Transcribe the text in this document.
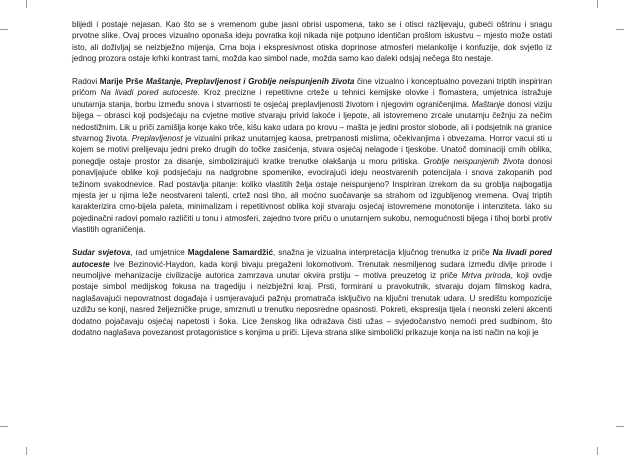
blijedi i postaje nejasan. Kao što se s vremenom gube jasni obrisi uspomena, tako se i otisci razlijevaju, gubeći oštrinu i snagu prvotne slike. Ovaj proces vizualno oponaša ideju povratka koji nikada nije potpuno identičan prošlom iskustvu – mjesto može ostati isto, ali doživljaj se neizbježno mijenja. Crna boja i ekspresivnost otiska doprinose atmosferi melankolije i konfuzije, dok svjetlo iz jednog prozora ostaje krhki kontrast tami, možda kao simbol nade, možda samo kao daleki odsjaj nečega što nestaje.

Radovi Marije Prše Maštanje, Preplavljenost i Groblje neispunjenih života čine vizualno i konceptualno povezani triptih inspiriran pričom Na livadi pored autoceste. Kroz precizne i repetitivne crteže u tehnici kemijske olovke i flomastera, umjetnica istražuje unutarnja stanja, borbu između snova i stvarnosti te osjećaj preplavljenosti životom i njegovim ograničenjima. Maštanje donosi viziju bijega – obrasci koji podsjećaju na cvjetne motive stvaraju privid lakoće i ljepote, ali istovremeno zrcale unutarnju čežnju za nečim nedostižnim. Lik u priči zamišlja konje kako trče, kišu kako udara po krovu – mašta je jedini prostor slobode, ali i podsjetnik na granice stvarnog života. Preplavljenost je vizualni prikaz unutarnjeg kaosa, pretrpanosti mislima, očekivanjima i obvezama. Horror vacui sti u kojem se motivi prelijevaju jedni preko drugih do točke zasićenja, stvara osjećaj nelagode i tjeskobe. Unatoč dominaciji crnih oblika, ponegdje ostaje prostor za disanje, simbolizirajući kratke trenutke olakšanja u moru pritiska. Groblje neispunjenih života donosi ponavljajuće oblike koji podsjećaju na nadgrobne spomenike, evocirajući ideju neostvarenih potencijala i snova zakopanih pod težinom svakodnevice. Rad postavlja pitanje: koliko vlastitih želja ostaje neispunjeno? Inspiriran izrekom da su groblja najbogatija mjesta jer u njima leže neostvareni talenti, crtež nosi tiho, ali moćno suočavanje sa strahom od izgubljenog vremena. Ovaj triptih karakterizira crno-bijela paleta, minimalizam i repetitivnost oblika koji stvaraju osjećaj istovremene monotonije i intenziteta. Iako su pojedinačni radovi pomalo različiti u tonu i atmosferi, zajedno tvore priču o unutarnjem sukobu, nemogućnosti bijega i tihoj borbi protiv vlastitih ograničenja.

Sudar svjetova, rad umjetnice Magdalene Samardžić, snažna je vizualna interpretacija ključnog trenutka iz priče Na livadi pored autoceste Ive Bezinović-Haydon, kada konji bivaju pregaženi lokomotivom. Trenutak nesmiljenog sudara između divlje prirode i neumoljive mehanizacije civilizacije autorica zamrzava unutar okvira prstiju – motiva preuzetog iz priče Mrtva priroda, koji ovdje postaje simbol medijskog fokusa na tragediju i neizbježni kraj. Prsti, formirani u pravokutnik, stvaraju dojam filmskog kadra, naglašavajući nepovratnost događaja i usmjeravajući pažnju promatrača isključivo na ključni trenutak udara. U središtu kompozicije uzdižu se konji, nasred željezničke pruge, smrznuti u trenutku neposredne opasnosti. Pokreti, ekspresija tijela i neonski zeleni akcenti dodatno pojačavaju osjećaj napetosti i šoka. Lice ženskog lika odražava čisti užas – svjedočanstvo nemoći pred sudbinom, što dodatno naglašava povezanost protagonistice s konjima u priči. Lijeva strana slike simbolički prikazuje konja na isti način na koji je
